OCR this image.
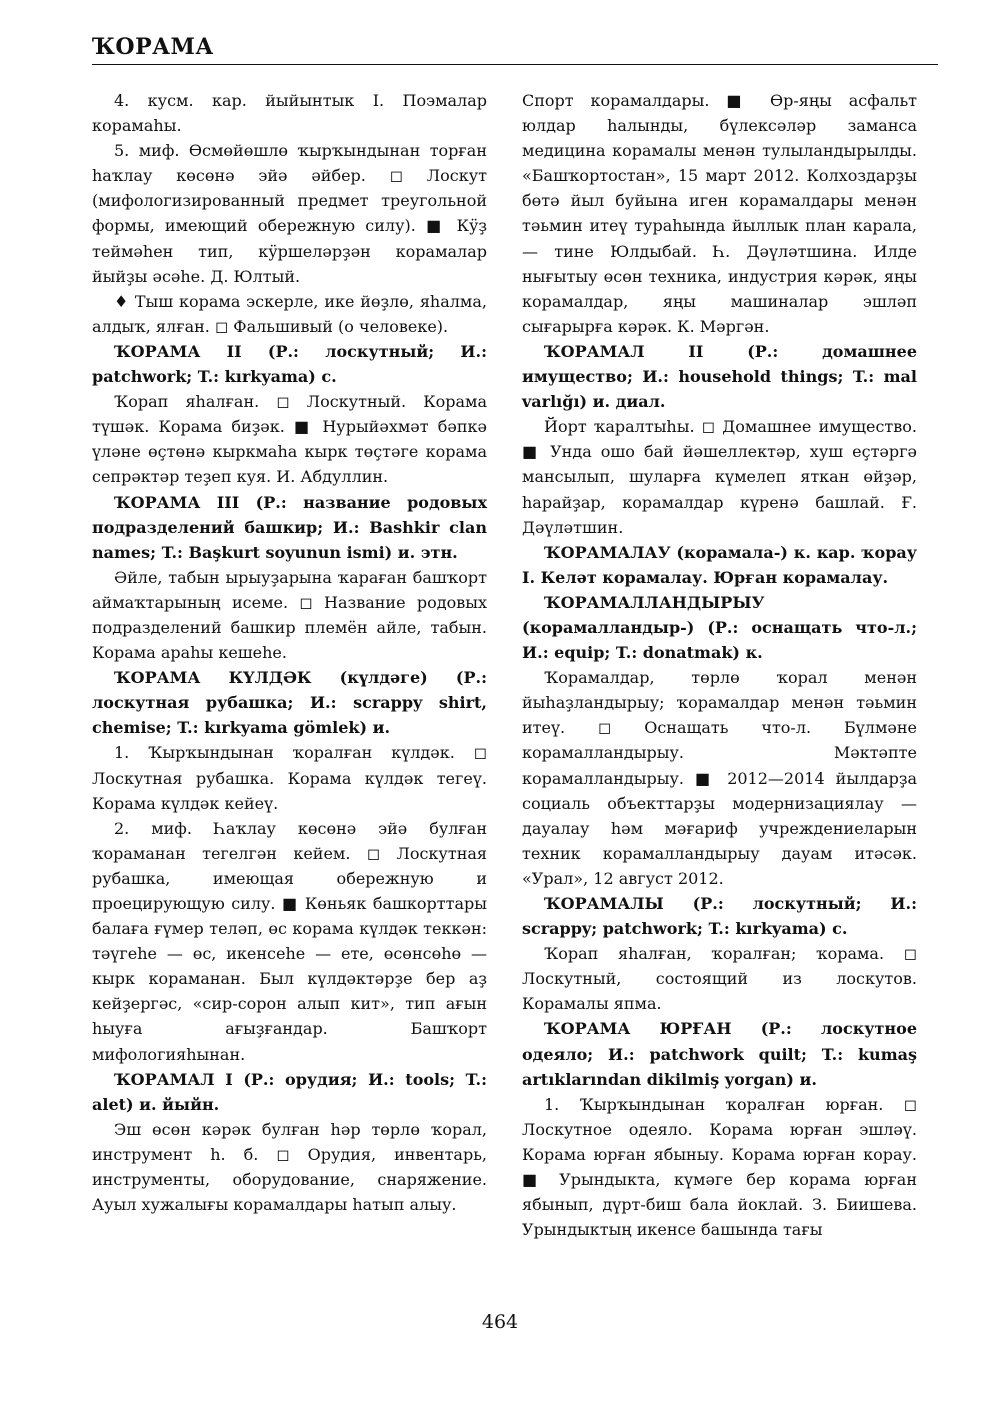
ҠОРАМА

4. кусм. кар. йыйынтык I. Поэмалар корамаhы.

5. миф. Өсмөйөшлө ҡырҡындынан торған hаҡлау көсөнә эйә әйбер. ◻ Лоскут (мифологизированный предмет треугольной формы, имеющий обережную силу). ■ Кӱҙ теймәhен тип, кӱршеләрҙән корамалар йыйҙы әсәhе. Д. Юлтый.

♦ Тыш корама эскерле, ике йөҙлө, яhалма, алдыҡ, ялған. ◻ Фальшивый (о человеке).

ҠОРАМА II (Р.: лоскутный; И.: patchwork; T.: kırkyama) с.

Ҡорап яhалған. ◻ Лоскутный. Корама түшәк. Корама биҙәк. ■ Нурыйәхмәт бәпкә үләне өҫтөнә кыркмаhа кырк төҫтәге корама сепрәктәр теҙеп куя. И. Абдуллин.

ҠОРАМА III (Р.: название родовых подразделений башкир; И.: Bashkir clan names; T.: Başkurt soyunun ismi) и. этн.

Әйле, табын ырыуҙарына ҡараған башҡорт аймаҡтарының исеме. ◻ Название родовых подразделений башкир племён айле, табын. Корама араhы кешеhе.

ҠОРАМА КҮЛДӘК (күлдәге) (Р.: лоскутная рубашка; И.: scrappy shirt, chemise; T.: kırkyama gömlek) и.

1. Ҡырҡындынан ҡоралған күлдәк. ◻ Лоскутная рубашка. Корама күлдәк тегеү. Корама күлдәк кейеү.

2. миф. Һаҡлау көсөнә эйә булған ҡораманан тегелгән кейем. ◻ Лоскутная рубашка, имеющая обережную и проецирующую силу. ■ Көньяк башкорттары балаға ғүмер теләп, өс корама күлдәк теккән: тәүгеhе — өс, икенсеhе — ете, өсөнсөhө — кырк кораманан. Был күлдәктәрҙе бер аҙ кейҙергәс, «сир-сорон алып кит», тип ағын hыуға ағыҙғандар. Башҡорт мифологияhынан.

ҠОРАМАЛ I (Р.: орудия; И.: tools; T.: alet) и. йыйн.

Эш өсөн кәрәк булған hәр төрлө ҡорал, инструмент h. б. ◻ Орудия, инвентарь, инструменты, оборудование, снаряжение. Ауыл хужалығы корамалдары hатып алыу.

Спорт корамалдары. ■ Өр-яңы асфальт юлдар hалынды, бүлексәләр заманса медицина корамалы менән тулыландырылды. «Башҡортостан», 15 март 2012. Колхоздарҙы бөтә йыл буйына иген корамалдары менән тәьмин итеү тураhында йыллык план карала, — тине Юлдыбай. Һ. Дәүләтшина. Илде нығытыу өсөн техника, индустрия кәрәк, яңы корамалдар, яңы машиналар эшләп сығарырға кәрәк. К. Мәргән.

ҠОРАМАЛ II (Р.: домашнее имущество; И.: household things; T.: mal varlığı) и. диал.

Йорт ҡаралтыhы. ◻ Домашнее имущество. ■ Унда ошо бай йәшеллектәр, хуш еҫтәргә мансылып, шуларға күмелеп яткан өйҙәр, hарайҙар, корамалдар күренә башлай. Ғ. Дәүләтшин.

ҠОРАМАЛАУ (корамала-) к. кар. ҡорау I. Келәт корамалау. Юрған корамалау.

ҠОРАМАЛЛАНДЫРЫУ (корамалландыр-) (Р.: оснащать что-л.; И.: equip; T.: donatmak) к.

Ҡорамалдар, төрлө ҡорал менән йыhаҙландырыу; ҡорамалдар менән тәьмин итеү. ◻ Оснащать что-л. Бүлмәне корамалландырыу. Мәктәпте корамалландырыу. ■ 2012—2014 йылдарҙа социаль объекттарҙы модернизациялау — дауалау hәм мәғариф учреждениеларын техник корамалландырыу дауам итәсәк. «Урал», 12 август 2012.

ҠОРАМАЛЫ (Р.: лоскутный; И.: scrappy; patchwork; T.: kırkyama) с.

Ҡорап яhалған, ҡоралған; ҡорама. ◻ Лоскутный, состоящий из лоскутов. Корамалы япма.

ҠОРАМА ЮРҒАН (Р.: лоскутное одеяло; И.: patchwork quilt; T.: kumaş artıklarından dikilmiş yorgan) и.

1. Ҡырҡындынан ҡоралған юрған. ◻ Лоскутное одеяло. Корама юрған эшләү. Корама юрған ябыныу. Корама юрған корау. ■ Урындыкта, күмәге бер корама юрған ябынып, дүрт-биш бала йоклай. З. Биишева. Урындыктың икенсе башында тағы

464
